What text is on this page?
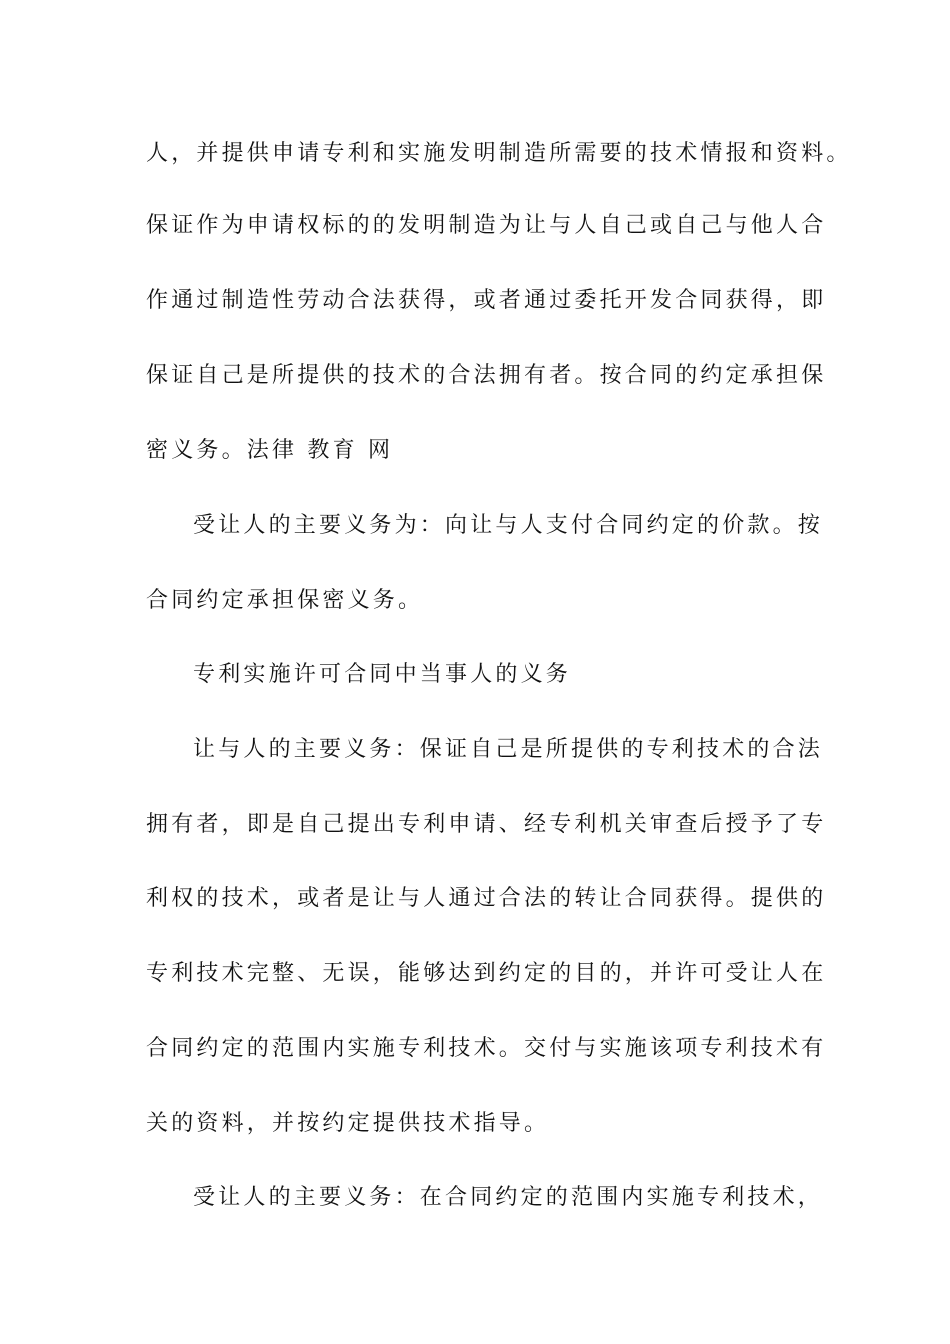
人，并提供申请专利和实施发明制造所需要的技术情报和资料。

保证作为申请权标的的发明制造为让与人自己或自己与他人合

作通过制造性劳动合法获得，或者通过委托开发合同获得，即

保证自己是所提供的技术的合法拥有者。按合同的约定承担保

密义务。法律 教育 网

受让人的主要义务为：向让与人支付合同约定的价款。按

合同约定承担保密义务。

专利实施许可合同中当事人的义务

让与人的主要义务：保证自己是所提供的专利技术的合法

拥有者，即是自己提出专利申请、经专利机关审查后授予了专

利权的技术，或者是让与人通过合法的转让合同获得。提供的

专利技术完整、无误，能够达到约定的目的，并许可受让人在

合同约定的范围内实施专利技术。交付与实施该项专利技术有

关的资料，并按约定提供技术指导。

受让人的主要义务：在合同约定的范围内实施专利技术，
